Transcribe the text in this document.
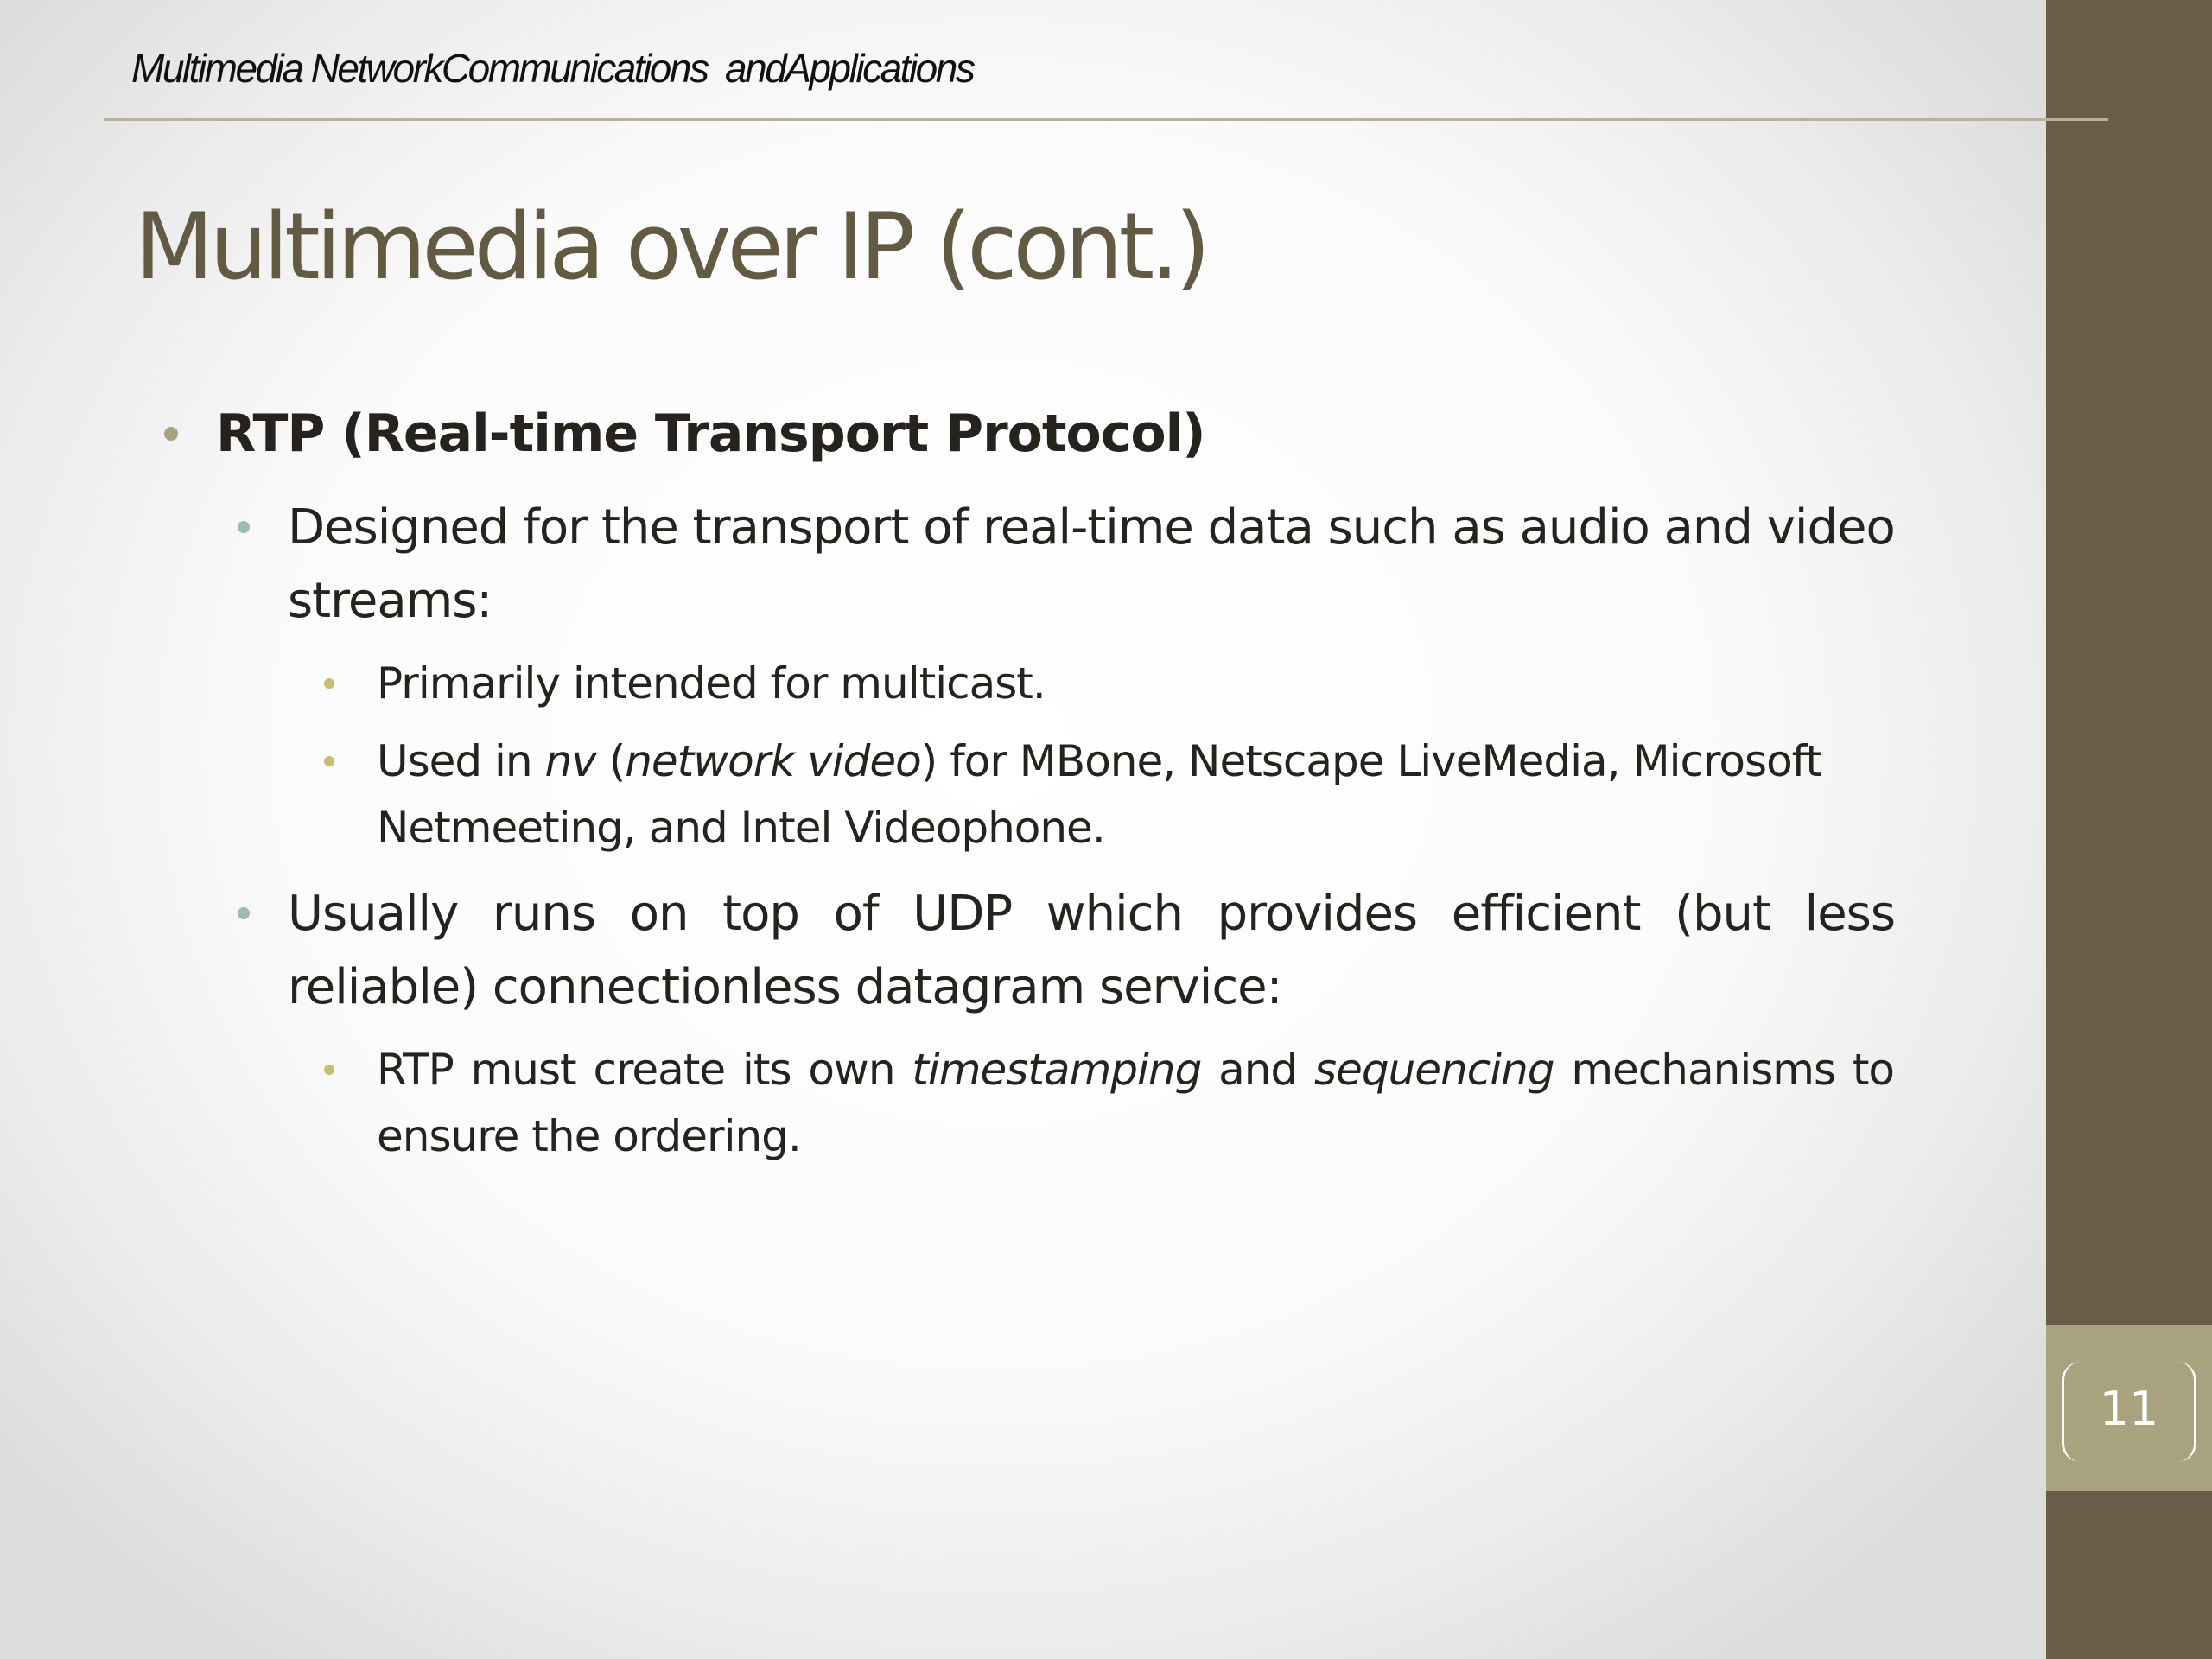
11
Multimedia NetworkCommunications  andApplications
Multimedia over IP (cont.)
RTP (Real-time Transport Protocol)
Designed for the transport of real-time data such as audio and video streams:
Primarily intended for multicast.
Used in nv (network video) for MBone, Netscape LiveMedia, Microsoft Netmeeting, and Intel Videophone.
Usually runs on top of UDP which provides efficient (but less reliable) connectionless datagram service:
RTP must create its own timestamping and sequencing mechanisms to ensure the ordering.
